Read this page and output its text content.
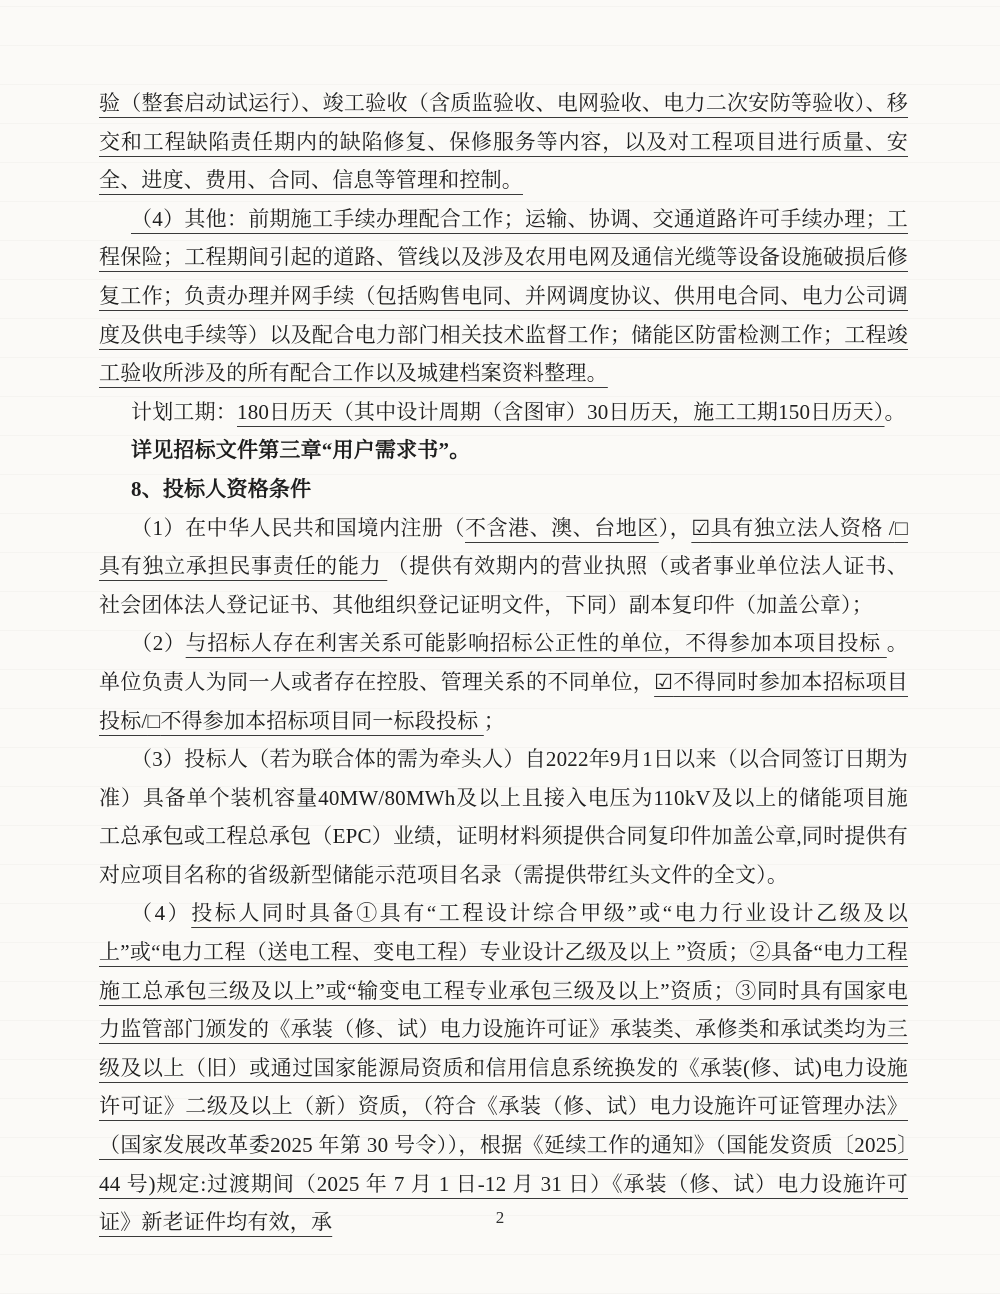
验（整套启动试运行）、竣工验收（含质监验收、电网验收、电力二次安防等验收）、移交和工程缺陷责任期内的缺陷修复、保修服务等内容，以及对工程项目进行质量、安全、进度、费用、合同、信息等管理和控制。

（4）其他：前期施工手续办理配合工作；运输、协调、交通道路许可手续办理；工程保险；工程期间引起的道路、管线以及涉及农用电网及通信光缆等设备设施破损后修复工作；负责办理并网手续（包括购售电同、并网调度协议、供用电合同、电力公司调度及供电手续等）以及配合电力部门相关技术监督工作；储能区防雷检测工作；工程竣工验收所涉及的所有配合工作以及城建档案资料整理。

计划工期：180日历天（其中设计周期（含图审）30日历天，施工工期150日历天）。

详见招标文件第三章“用户需求书”。

8、投标人资格条件

（1）在中华人民共和国境内注册（不含港、澳、台地区），☑具有独立法人资格 /□具有独立承担民事责任的能力 （提供有效期内的营业执照（或者事业单位法人证书、社会团体法人登记证书、其他组织登记证明文件，下同）副本复印件（加盖公章）；

（2）与招标人存在利害关系可能影响招标公正性的单位，不得参加本项目投标 。单位负责人为同一人或者存在控股、管理关系的不同单位，☑不得同时参加本招标项目投标/□不得参加本招标项目同一标段投标 ；

（3）投标人（若为联合体的需为牵头人）自2022年9月1日以来（以合同签订日期为准）具备单个装机容量40MW/80MWh及以上且接入电压为110kV及以上的储能项目施工总承包或工程总承包（EPC）业绩，证明材料须提供合同复印件加盖公章,同时提供有对应项目名称的省级新型储能示范项目名录（需提供带红头文件的全文）。

（4）投标人同时具备①具有“工程设计综合甲级”或“电力行业设计乙级及以上”或“电力工程（送电工程、变电工程）专业设计乙级及以上 ”资质；②具备“电力工程施工总承包三级及以上”或“输变电工程专业承包三级及以上”资质；③同时具有国家电力监管部门颁发的《承装（修、试）电力设施许可证》承装类、承修类和承试类均为三级及以上（旧）或通过国家能源局资质和信用信息系统换发的《承装(修、试)电力设施许可证》二级及以上（新）资质，（符合《承装（修、试）电力设施许可证管理办法》（国家发展改革委2025 年第 30 号令）），根据《延续工作的通知》（国能发资质〔2025〕44 号)规定:过渡期间（2025 年 7 月 1 日-12 月 31 日）《承装（修、试）电力设施许可证》新老证件均有效，承	2
